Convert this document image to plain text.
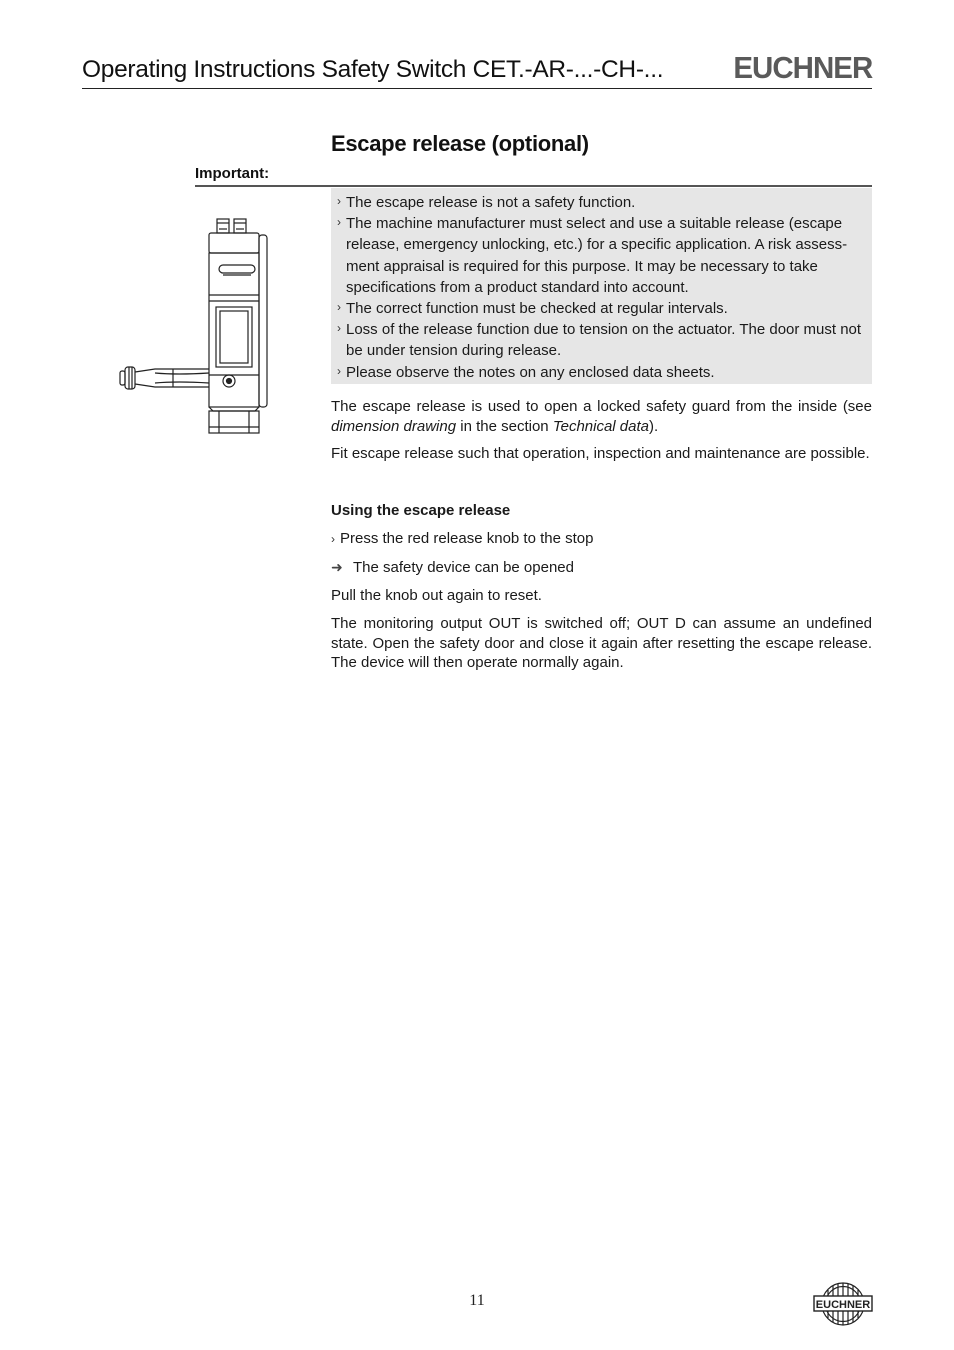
Operating Instructions Safety Switch CET.-AR-...-CH-... EUCHNER
Escape release (optional)
Important:
› The escape release is not a safety function.
› The machine manufacturer must select and use a suitable release (escape release, emergency unlocking, etc.) for a specific application. A risk assess-ment appraisal is required for this purpose. It may be necessary to take specifications from a product standard into account.
› The correct function must be checked at regular intervals.
› Loss of the release function due to tension on the actuator. The door must not be under tension during release.
› Please observe the notes on any enclosed data sheets.

The escape release is used to open a locked safety guard from the inside (see dimension drawing in the section Technical data).

Fit escape release such that operation, inspection and maintenance are possible.

Using the escape release

› Press the red release knob to the stop
➜ The safety device can be opened

Pull the knob out again to reset.

The monitoring output OUT is switched off; OUT D can assume an undefined state. Open the safety door and close it again after resetting the escape release. The device will then operate normally again.

11	EUCHNER
